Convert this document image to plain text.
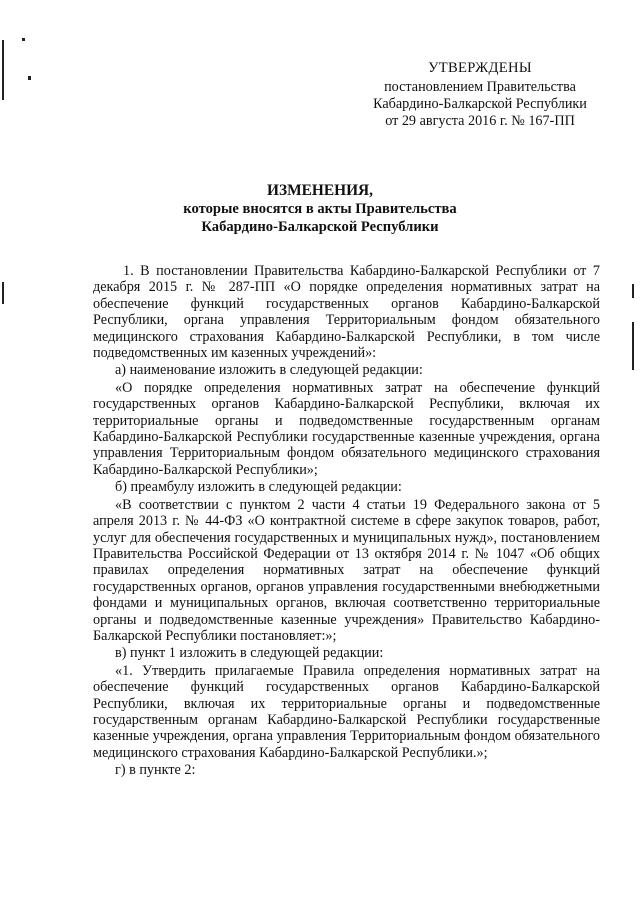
УТВЕРЖДЕНЫ
постановлением Правительства
Кабардино-Балкарской Республики
от 29 августа 2016 г. № 167-ПП
ИЗМЕНЕНИЯ,
которые вносятся в акты Правительства
Кабардино-Балкарской Республики

1. В постановлении Правительства Кабардино-Балкарской Республики от 7 декабря 2015 г. № 287-ПП «О порядке определения нормативных затрат на обеспечение функций государственных органов Кабардино-Балкарской Республики, органа управления Территориальным фондом обязательного медицинского страхования Кабардино-Балкарской Республики, в том числе подведомственных им казенных учреждений»:

а) наименование изложить в следующей редакции:

«О порядке определения нормативных затрат на обеспечение функций государственных органов Кабардино-Балкарской Республики, включая их территориальные органы и подведомственные государственным органам Кабардино-Балкарской Республики государственные казенные учреждения, органа управления Территориальным фондом обязательного медицинского страхования Кабардино-Балкарской Республики»;

б) преамбулу изложить в следующей редакции:

«В соответствии с пунктом 2 части 4 статьи 19 Федерального закона от 5 апреля 2013 г. № 44-ФЗ «О контрактной системе в сфере закупок товаров, работ, услуг для обеспечения государственных и муниципальных нужд», постановлением Правительства Российской Федерации от 13 октября 2014 г. № 1047 «Об общих правилах определения нормативных затрат на обеспечение функций государственных органов, органов управления государственными внебюджетными фондами и муниципальных органов, включая соответственно территориальные органы и подведомственные казенные учреждения» Правительство Кабардино-Балкарской Республики постановляет:»;

в) пункт 1 изложить в следующей редакции:

«1. Утвердить прилагаемые Правила определения нормативных затрат на обеспечение функций государственных органов Кабардино-Балкарской Республики, включая их территориальные органы и подведомственные государственным органам Кабардино-Балкарской Республики государственные казенные учреждения, органа управления Территориальным фондом обязательного медицинского страхования Кабардино-Балкарской Республики.»;

г) в пункте 2:
